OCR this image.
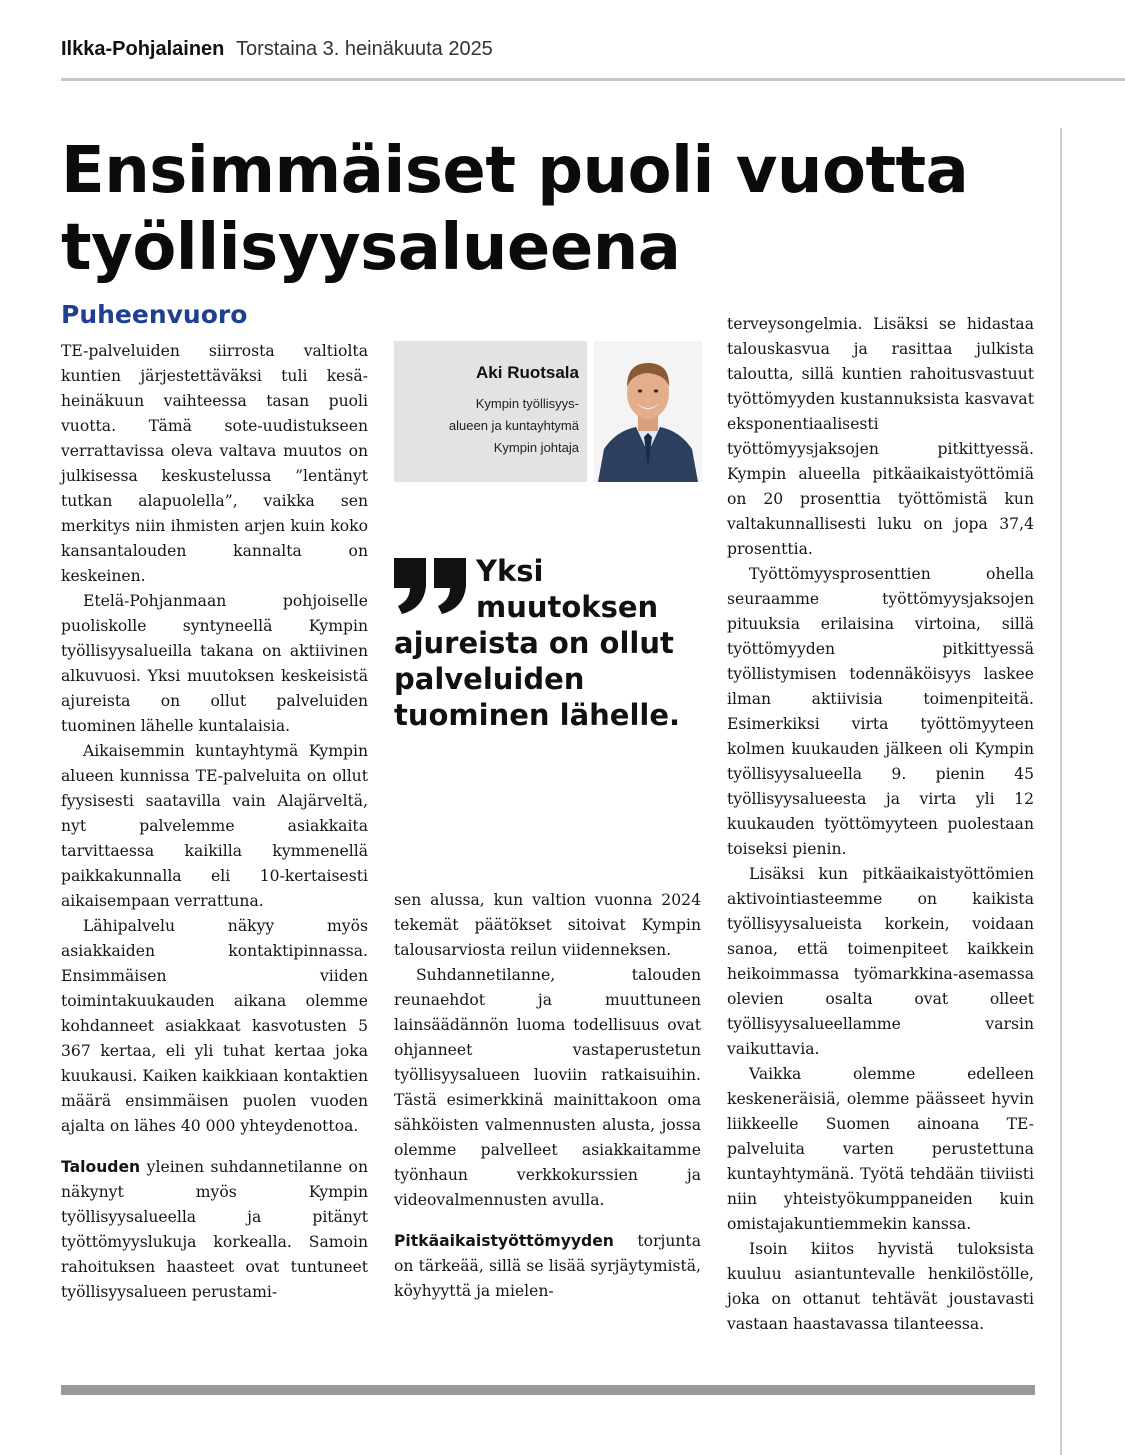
Ilkka-Pohjalainen Torstaina 3. heinäkuuta 2025
Ensimmäiset puoli vuotta työllisyysalueena
Puheenvuoro

TE-palveluiden siirrosta valtiolta kuntien järjestettäväksi tuli kesäheinäkuun vaihteessa tasan puoli vuotta. Tämä sote-uudistukseen verrattavissa oleva valtava muutos on julkisessa keskustelussa ”lentänyt tutkan alapuolella”, vaikka sen merkitys niin ihmisten arjen kuin koko kansantalouden kannalta on keskeinen.

Etelä-Pohjanmaan pohjoiselle puoliskolle syntyneellä Kympin työllisyysalueilla takana on aktiivinen alkuvuosi. Yksi muutoksen keskeisistä ajureista on ollut palveluiden tuominen lähelle kuntalaisia.

Aikaisemmin kuntayhtymä Kympin alueen kunnissa TE-palveluita on ollut fyysisesti saatavilla vain Alajärveltä, nyt palvelemme asiakkaita tarvittaessa kaikilla kymmenellä paikkakunnalla eli 10-kertaisesti aikaisempaan verrattuna.

Lähipalvelu näkyy myös asiakkaiden kontaktipinnassa. Ensimmäisen viiden toimintakuukauden aikana olemme kohdanneet asiakkaat kasvotusten 5 367 kertaa, eli yli tuhat kertaa joka kuukausi. Kaiken kaikkiaan kontaktien määrä ensimmäisen puolen vuoden ajalta on lähes 40 000 yhteydenottoa.

Talouden yleinen suhdannetilanne on näkynyt myös Kympin työllisyysalueella ja pitänyt työttömyyslukuja korkealla. Samoin rahoituksen haasteet ovat tuntuneet työllisyysalueen perustami-

Aki Ruotsala
Kympin työllisyys-
alueen ja kuntayhtymä
Kympin johtaja

Yksi muutoksen ajureista on ollut palveluiden tuominen lähelle.

sen alussa, kun valtion vuonna 2024 tekemät päätökset sitoivat Kympin talousarviosta reilun viidenneksen.

Suhdannetilanne, talouden reunaehdot ja muuttuneen lainsäädännön luoma todellisuus ovat ohjanneet vastaperustetun työllisyysalueen luoviin ratkaisuihin. Tästä esimerkkinä mainittakoon oma sähköisten valmennusten alusta, jossa olemme palvelleet asiakkaitamme työnhaun verkkokurssien ja videovalmennusten avulla.

Pitkäaikaistyöttömyyden torjunta on tärkeää, sillä se lisää syrjäytymistä, köyhyyttä ja mielen-

terveysongelmia. Lisäksi se hidastaa talouskasvua ja rasittaa julkista taloutta, sillä kuntien rahoitusvastuut työttömyyden kustannuksista kasvavat eksponentiaalisesti työttömyysjaksojen pitkittyessä. Kympin alueella pitkäaikaistyöttömiä on 20 prosenttia työttömistä kun valtakunnallisesti luku on jopa 37,4 prosenttia.

Työttömyysprosenttien ohella seuraamme työttömyysjaksojen pituuksia erilaisina virtoina, sillä työttömyyden pitkittyessä työllistymisen todennäköisyys laskee ilman aktiivisia toimenpiteitä. Esimerkiksi virta työttömyyteen kolmen kuukauden jälkeen oli Kympin työllisyysalueella 9. pienin 45 työllisyysalueesta ja virta yli 12 kuukauden työttömyyteen puolestaan toiseksi pienin.

Lisäksi kun pitkäaikaistyöttömien aktivointiasteemme on kaikista työllisyysalueista korkein, voidaan sanoa, että toimenpiteet kaikkein heikoimmassa työmarkkina-asemassa olevien osalta ovat olleet työllisyysalueellamme varsin vaikuttavia.

Vaikka olemme edelleen keskeneräisiä, olemme päässeet hyvin liikkeelle Suomen ainoana TE-palveluita varten perustettuna kuntayhtymänä. Työtä tehdään tiiviisti niin yhteistyökumppaneiden kuin omistajakuntiemmekin kanssa.

Isoin kiitos hyvistä tuloksista kuuluu asiantuntevalle henkilöstölle, joka on ottanut tehtävät joustavasti vastaan haastavassa tilanteessa.
